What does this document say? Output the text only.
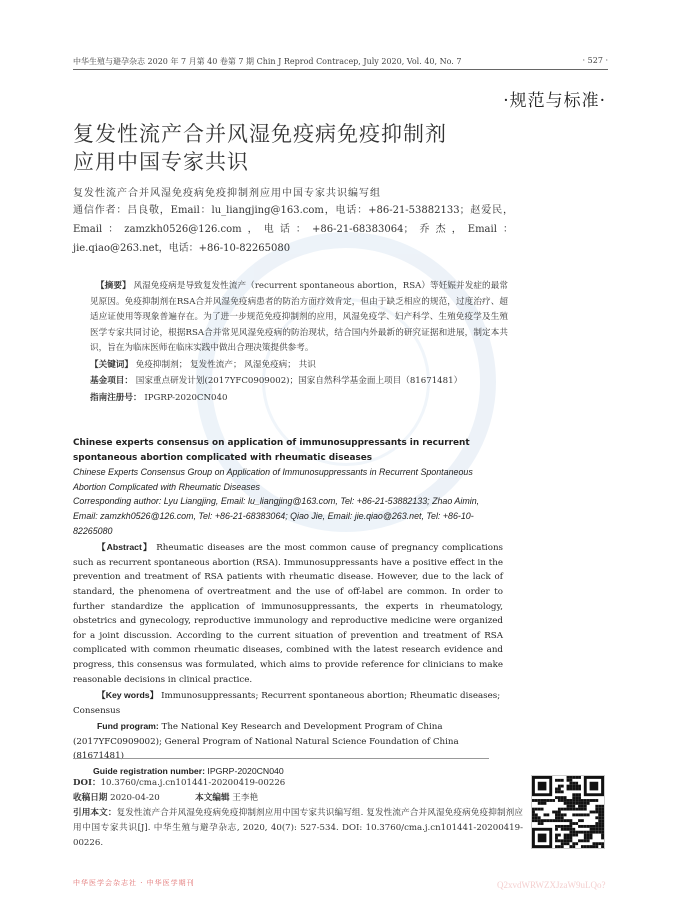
中华生殖与避孕杂志 2020 年 7 月第 40 卷第 7 期 Chin J Reprod Contracep, July 2020, Vol. 40, No. 7	· 527 ·
·规范与标准·
复发性流产合并风湿免疫病免疫抑制剂
应用中国专家共识
复发性流产合并风湿免疫病免疫抑制剂应用中国专家共识编写组
通信作者：吕良敬，Email：lu_liangjing@163.com，电话：+86-21-53882133；赵爱民，Email：zamzkh0526@126.com，电话：+86-21-68383064；乔杰，Email：jie.qiao@263.net，电话：+86-10-82265080
【摘要】 风湿免疫病是导致复发性流产（recurrent spontaneous abortion，RSA）等妊娠并发症的最常见原因。免疫抑制剂在RSA合并风湿免疫病患者的防治方面疗效肯定，但由于缺乏相应的规范，过度治疗、超适应证使用等现象普遍存在。为了进一步规范免疫抑制剂的应用，风湿免疫学、妇产科学、生殖免疫学及生殖医学专家共同讨论，根据RSA合并常见风湿免疫病的防治现状，结合国内外最新的研究证据和进展，制定本共识，旨在为临床医师在临床实践中做出合理决策提供参考。
【关键词】 免疫抑制剂； 复发性流产； 风湿免疫病； 共识
基金项目： 国家重点研发计划(2017YFC0909002)；国家自然科学基金面上项目（81671481）
指南注册号： IPGRP-2020CN040
Chinese experts consensus on application of immunosuppressants in recurrent spontaneous abortion complicated with rheumatic diseases
Chinese Experts Consensus Group on Application of Immunosuppressants in Recurrent Spontaneous Abortion Complicated with Rheumatic Diseases
Corresponding author: Lyu Liangjing, Email: lu_liangjing@163.com, Tel: +86-21-53882133; Zhao Aimin, Email: zamzkh0526@126.com, Tel: +86-21-68383064; Qiao Jie, Email: jie.qiao@263.net, Tel: +86-10-82265080
【Abstract】 Rheumatic diseases are the most common cause of pregnancy complications such as recurrent spontaneous abortion (RSA). Immunosuppressants have a positive effect in the prevention and treatment of RSA patients with rheumatic disease. However, due to the lack of standard, the phenomena of overtreatment and the use of off-label are common. In order to further standardize the application of immunosuppressants, the experts in rheumatology, obstetrics and gynecology, reproductive immunology and reproductive medicine were organized for a joint discussion. According to the current situation of prevention and treatment of RSA complicated with common rheumatic diseases, combined with the latest research evidence and progress, this consensus was formulated, which aims to provide reference for clinicians to make reasonable decisions in clinical practice.
【Key words】 Immunosuppressants; Recurrent spontaneous abortion; Rheumatic diseases; Consensus
Fund program: The National Key Research and Development Program of China (2017YFC0909002); General Program of National Natural Science Foundation of China (81671481)
Guide registration number: IPGRP-2020CN040
DOI：10.3760/cma.j.cn101441-20200419-00226
收稿日期 2020-04-20	本文编辑 王李艳
引用本文：复发性流产合并风湿免疫病免疫抑制剂应用中国专家共识编写组. 复发性流产合并风湿免疫病免疫抑制剂应用中国专家共识[J]. 中华生殖与避孕杂志, 2020, 40(7): 527-534. DOI: 10.3760/cma.j.cn101441-20200419-00226.
中华医学会杂志社 · 中华医学期刊	Q2xvdWRWZXJzaW9uLQo?
